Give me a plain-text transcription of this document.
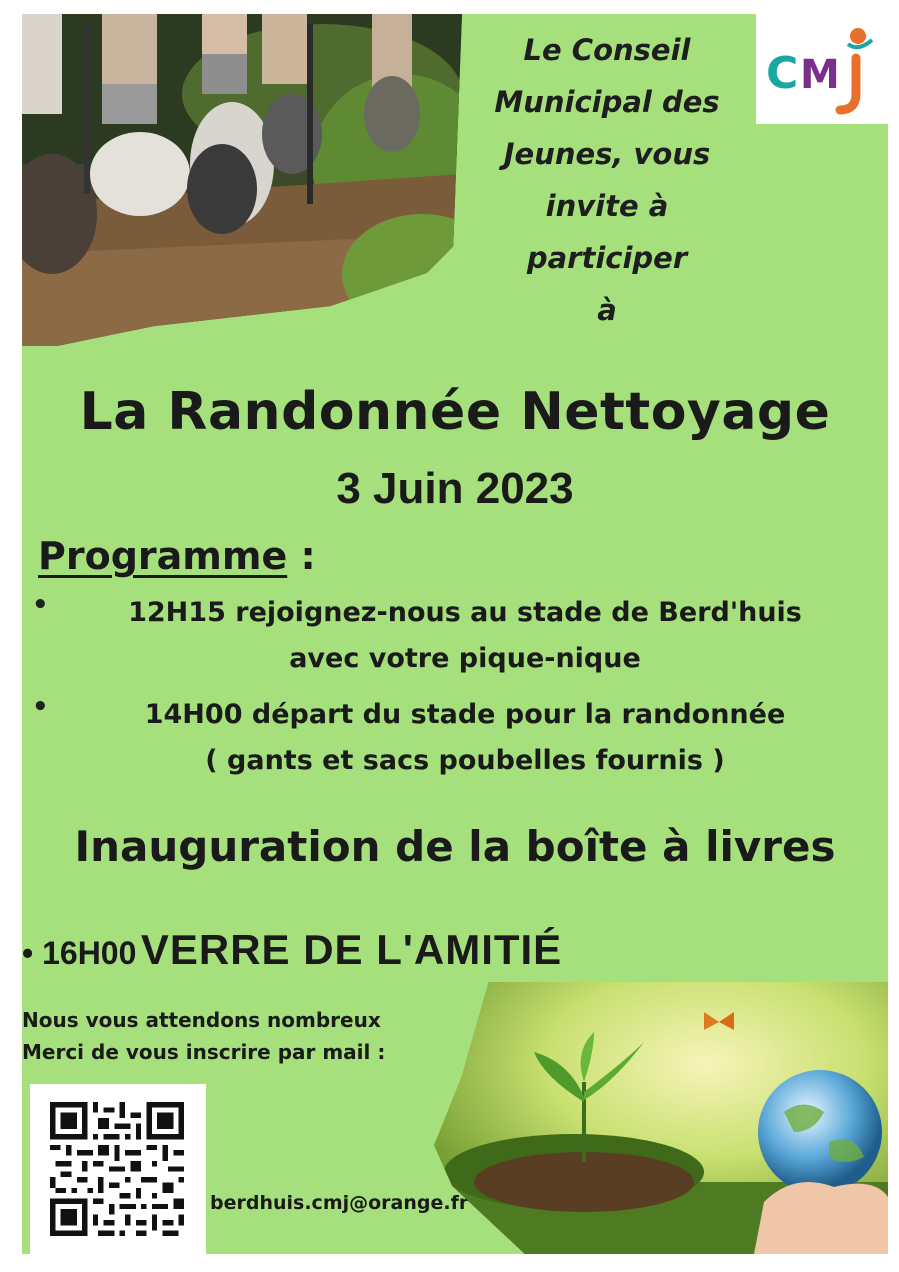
C M
Le Conseil
Municipal des
Jeunes, vous
invite à participer
à
La Randonnée Nettoyage
3 Juin 2023
Programme :
•	12H15 rejoignez-nous au stade de Berd'huis
avec votre pique-nique
•	14H00 départ du stade pour la randonnée
( gants et sacs poubelles fournis )
Inauguration de la boîte à livres
• 16H00 VERRE DE L'AMITIÉ
Nous vous attendons nombreux
Merci de vous inscrire par mail :
berdhuis.cmj@orange.fr
